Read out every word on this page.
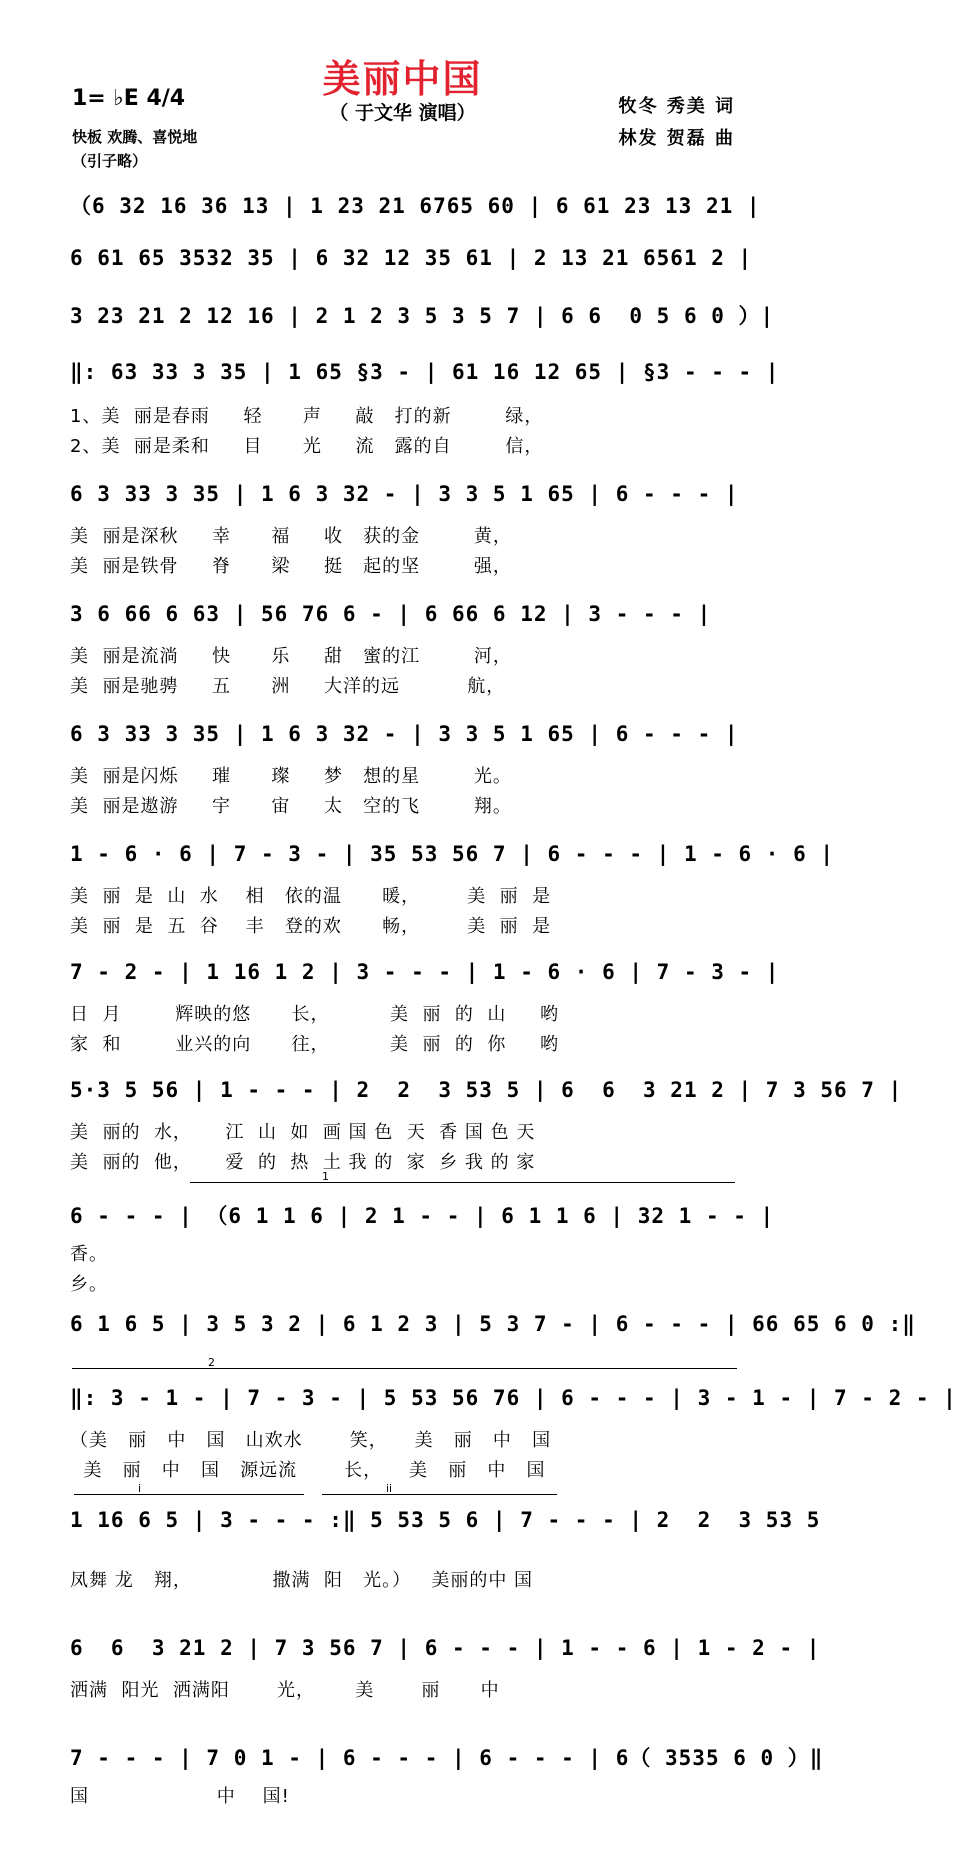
美丽中国
（ 于文华 演唱）
1= ♭E 4/4
快板 欢腾、喜悦地
（引子略）
牧冬 秀美 词
林发 贺磊 曲
（6 32 16 36 13 | 1 23 21 6765 60 | 6 61 23 13 21 |
6 61 65 3532 35 | 6 32 12 35 61 | 2 13 21 6561 2 |
3 23 21 2 12 16 | 2 1 2 3 5 3 5 7 | 6 6  0 5 6 0 ）|
‖: 63 33 3 35 | 1 65 §3 - | 61 16 12 65 | §3 - - - |
1、美  丽是春雨     轻      声     敲   打的新        绿，
2、美  丽是柔和     目      光     流   露的自        信，
6 3 33 3 35 | 1 6 3 32 - | 3 3 5 1 65 | 6 - - - |
美  丽是深秋     幸      福     收   获的金        黄，
美  丽是铁骨     脊      梁     挺   起的坚        强，
3 6 66 6 63 | 56 76 6 - | 6 66 6 12 | 3 - - - |
美  丽是流淌     快      乐     甜   蜜的江        河，
美  丽是驰骋     五      洲     大洋的远          航，
6 3 33 3 35 | 1 6 3 32 - | 3 3 5 1 65 | 6 - - - |
美  丽是闪烁     璀      璨     梦   想的星        光。
美  丽是遨游     宇      宙     太   空的飞        翔。
1 - 6 · 6 | 7 - 3 - | 35 53 56 7 | 6 - - - | 1 - 6 · 6 |
美  丽  是  山  水    相   依的温      暖，       美  丽  是
美  丽  是  五  谷    丰   登的欢      畅，       美  丽  是
7 - 2 - | 1 16 1 2 | 3 - - - | 1 - 6 · 6 | 7 - 3 - |
日  月        辉映的悠      长，         美  丽  的  山     哟
家  和        业兴的向      往，         美  丽  的  你     哟
5·3 5 56 | 1 - - - | 2  2  3 53 5 | 6  6  3 21 2 | 7 3 56 7 |
美  丽的  水，     江  山  如  画 国 色  天  香 国 色 天
美  丽的  他，     爱  的  热  土 我 的  家  乡 我 的 家
1
6 - - - | （6 1 1 6 | 2 1 - - | 6 1 1 6 | 32 1 - - |
香。
乡。
6 1 6 5 | 3 5 3 2 | 6 1 2 3 | 5 3 7 - | 6 - - - | 66 65 6 0 :‖
2
‖: 3 - 1 - | 7 - 3 - | 5 53 56 76 | 6 - - - | 3 - 1 - | 7 - 2 - |
（美   丽   中   国   山欢水       笑，    美   丽   中   国
美   丽   中   国   源远流       长，    美   丽   中   国
i	ii
1 16 6 5 | 3 - - - :‖ 5 53 5 6 | 7 - - - | 2  2  3 53 5
凤舞 龙   翔，            撒满  阳   光。）   美丽的中 国
6  6  3 21 2 | 7 3 56 7 | 6 - - - | 1 - - 6 | 1 - 2 - |
洒满  阳光  洒满阳       光，      美       丽      中
7 - - - | 7 0 1 - | 6 - - - | 6 - - - | 6（ 3535 6 0 ）‖
国                   中    国!
